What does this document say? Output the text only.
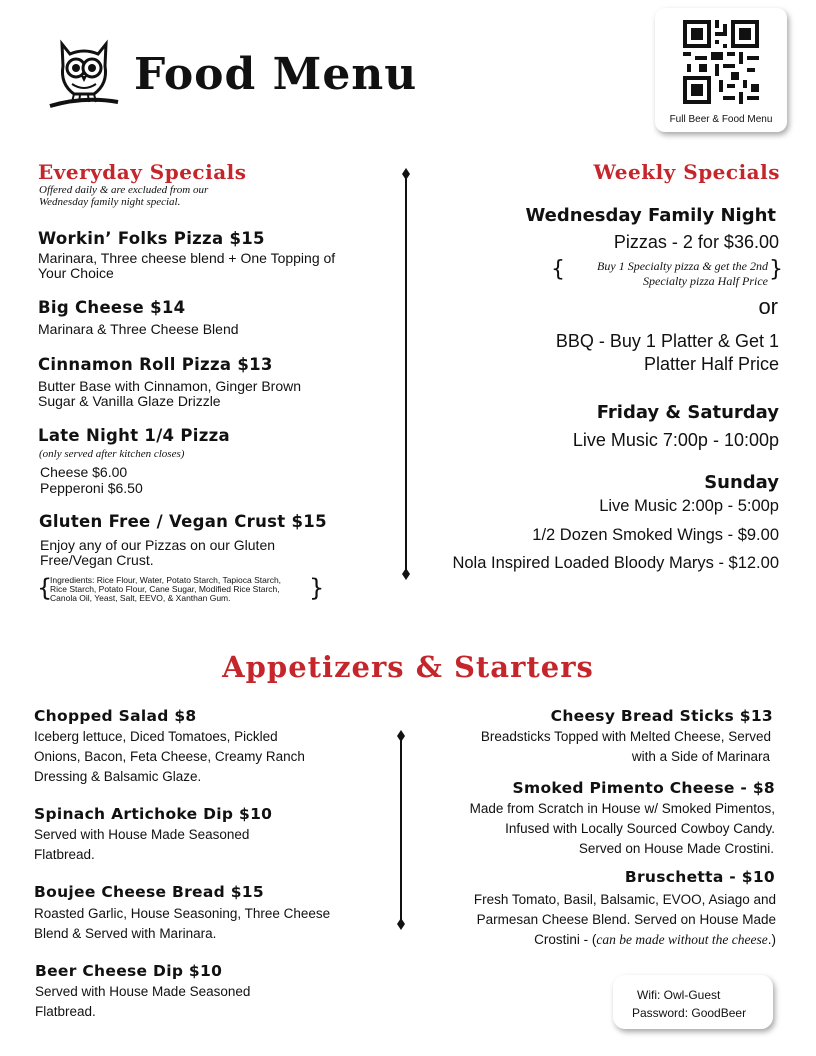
Food Menu
Full Beer & Food Menu
Everyday Specials
Offered daily & are excluded from our
Wednesday family night special.
Workin’ Folks Pizza $15
Marinara, Three cheese blend + One Topping of
Your Choice
Big Cheese $14
Marinara & Three Cheese Blend
Cinnamon Roll Pizza $13
Butter Base with Cinnamon, Ginger Brown
Sugar & Vanilla Glaze Drizzle
Late Night 1/4 Pizza
(only served after kitchen closes)
Cheese $6.00
Pepperoni $6.50
Gluten Free / Vegan Crust $15
Enjoy any of our Pizzas on our Gluten
Free/Vegan Crust.
{
Ingredients: Rice Flour, Water, Potato Starch, Tapioca Starch,
Rice Starch, Potato Flour, Cane Sugar, Modified Rice Starch,
Canola Oil, Yeast, Salt, EEVO, & Xanthan Gum.	}
Weekly Specials
Wednesday Family Night
Pizzas - 2 for $36.00
{	Buy 1 Specialty pizza & get the 2nd
Specialty pizza Half Price }
or
BBQ - Buy 1 Platter & Get 1
Platter Half Price
Friday & Saturday
Live Music 7:00p - 10:00p
Sunday
Live Music 2:00p - 5:00p
1/2 Dozen Smoked Wings - $9.00
Nola Inspired Loaded Bloody Marys - $12.00
Appetizers & Starters
Chopped Salad $8
Iceberg lettuce, Diced Tomatoes, Pickled
Onions, Bacon, Feta Cheese, Creamy Ranch
Dressing & Balsamic Glaze.
Spinach Artichoke Dip $10
Served with House Made Seasoned
Flatbread.
Boujee Cheese Bread $15
Roasted Garlic, House Seasoning, Three Cheese
Blend & Served with Marinara.
Beer Cheese Dip $10
Served with House Made Seasoned
Flatbread.
Cheesy Bread Sticks $13
Breadsticks Topped with Melted Cheese, Served
with a Side of Marinara
Smoked Pimento Cheese - $8
Made from Scratch in House w/ Smoked Pimentos,
Infused with Locally Sourced Cowboy Candy.
Served on House Made Crostini.
Bruschetta - $10
Fresh Tomato, Basil, Balsamic, EVOO, Asiago and
Parmesan Cheese Blend. Served on House Made
Crostini - (can be made without the cheese.)
Wifi: Owl-Guest
Password: GoodBeer
